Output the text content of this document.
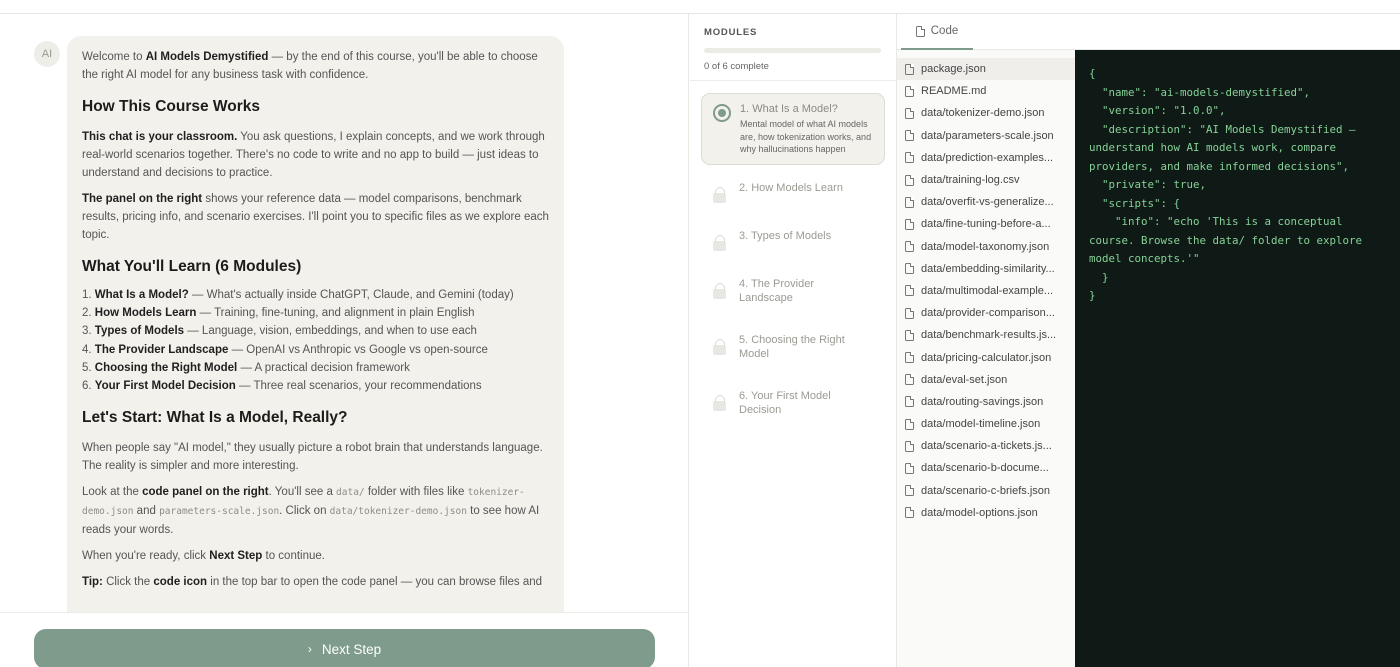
AI	Welcome to AI Models Demystified — by the end of this course, you'll be able to choose the right AI model for any business task with confidence.

How This Course Works

This chat is your classroom. You ask questions, I explain concepts, and we work through real-world scenarios together. There's no code to write and no app to build — just ideas to understand and decisions to practice.

The panel on the right shows your reference data — model comparisons, benchmark results, pricing info, and scenario exercises. I'll point you to specific files as we explore each topic.

What You'll Learn (6 Modules)
1. What Is a Model? — What's actually inside ChatGPT, Claude, and Gemini (today)
2. How Models Learn — Training, fine-tuning, and alignment in plain English
3. Types of Models — Language, vision, embeddings, and when to use each
4. The Provider Landscape — OpenAI vs Anthropic vs Google vs open-source
5. Choosing the Right Model — A practical decision framework
6. Your First Model Decision — Three real scenarios, your recommendations
Let's Start: What Is a Model, Really?

When people say "AI model," they usually picture a robot brain that understands language. The reality is simpler and more interesting.

Look at the code panel on the right. You'll see a data/ folder with files like tokenizer-demo.json and parameters-scale.json. Click on data/tokenizer-demo.json to see how AI reads your words.

When you're ready, click Next Step to continue.

Tip: Click the code icon in the top bar to open the code panel — you can browse files and

› Next Step
MODULES
0 of 6 complete
1. What Is a Model?
Mental model of what AI models are, how tokenization works, and why hallucinations happen
2. How Models Learn
3. Types of Models
4. The Provider Landscape
5. Choosing the Right Model
6. Your First Model Decision
Code
package.json
README.md
data/tokenizer-demo.json
data/parameters-scale.json
data/prediction-examples...
data/training-log.csv
data/overfit-vs-generalize...
data/fine-tuning-before-a...
data/model-taxonomy.json
data/embedding-similarity...
data/multimodal-example...
data/provider-comparison...
data/benchmark-results.js...
data/pricing-calculator.json
data/eval-set.json
data/routing-savings.json
data/model-timeline.json
data/scenario-a-tickets.js...
data/scenario-b-docume...
data/scenario-c-briefs.json
data/model-options.json
{
"name": "ai-models-demystified",
"version": "1.0.0",
"description": "AI Models Demystified — understand how AI models work, compare providers, and make informed decisions",
"private": true,
"scripts": {
"info": "echo 'This is a conceptual course. Browse the data/ folder to explore model concepts.'"
}
}
